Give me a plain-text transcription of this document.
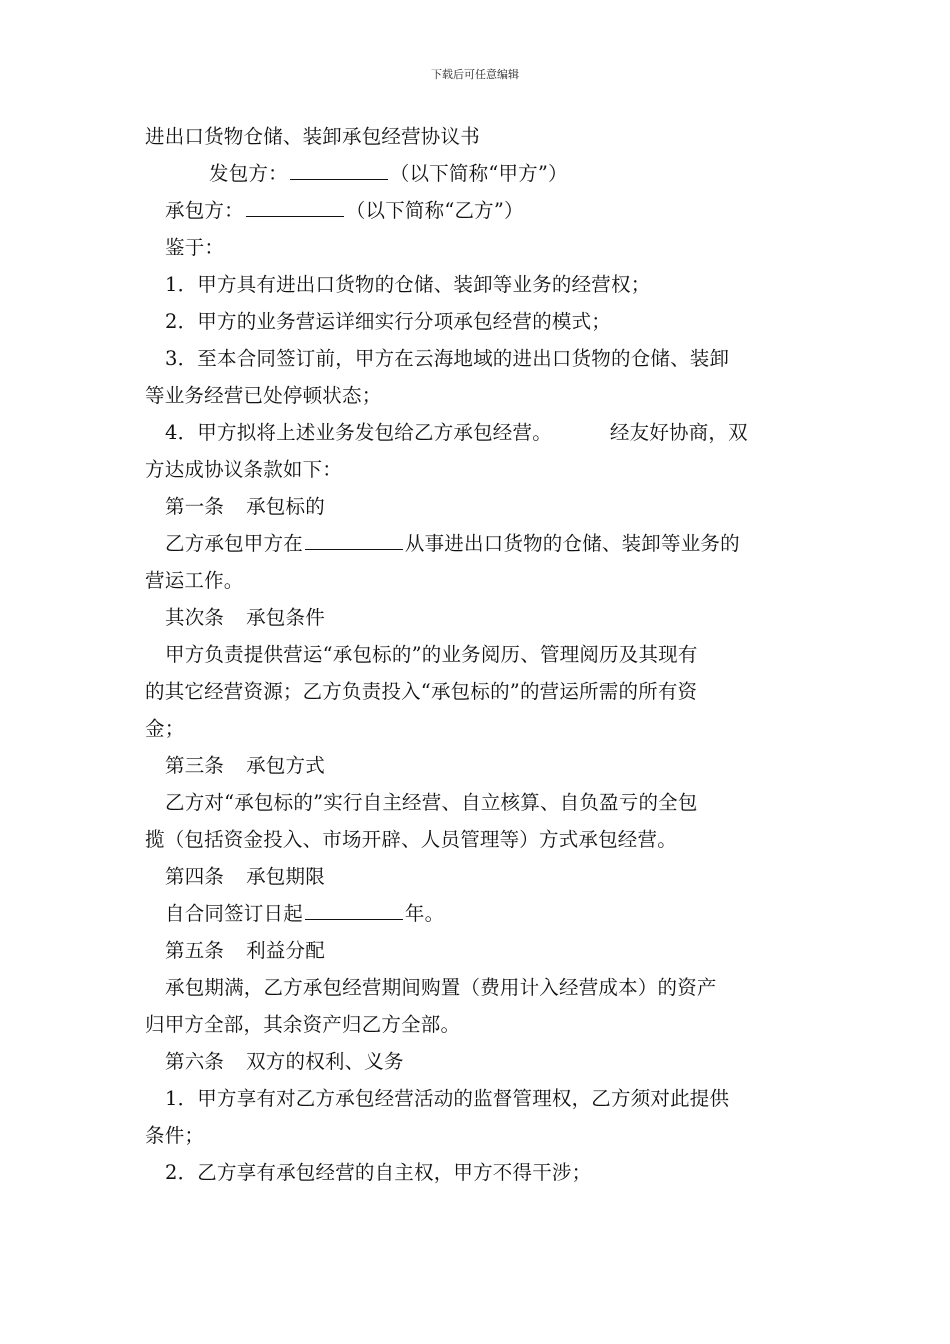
下载后可任意编辑
进出口货物仓储、装卸承包经营协议书
发包方：	（以下简称“甲方”）
承包方：	（以下简称“乙方”）
鉴于：
1．甲方具有进出口货物的仓储、装卸等业务的经营权；
2．甲方的业务营运详细实行分项承包经营的模式；
3．至本合同签订前，甲方在云海地域的进出口货物的仓储、装卸
等业务经营已处停顿状态；
4．甲方拟将上述业务发包给乙方承包经营。	经友好协商，双
方达成协议条款如下：
第一条 承包标的
乙方承包甲方在	从事进出口货物的仓储、装卸等业务的
营运工作。
其次条 承包条件
甲方负责提供营运“承包标的”的业务阅历、管理阅历及其现有
的其它经营资源；乙方负责投入“承包标的”的营运所需的所有资
金；
第三条 承包方式
乙方对“承包标的”实行自主经营、自立核算、自负盈亏的全包
揽（包括资金投入、市场开辟、人员管理等）方式承包经营。
第四条 承包期限
自合同签订日起	年。
第五条 利益分配
承包期满，乙方承包经营期间购置（费用计入经营成本）的资产
归甲方全部，其余资产归乙方全部。
第六条 双方的权利、义务
1．甲方享有对乙方承包经营活动的监督管理权，乙方须对此提供
条件；
2．乙方享有承包经营的自主权，甲方不得干涉；
